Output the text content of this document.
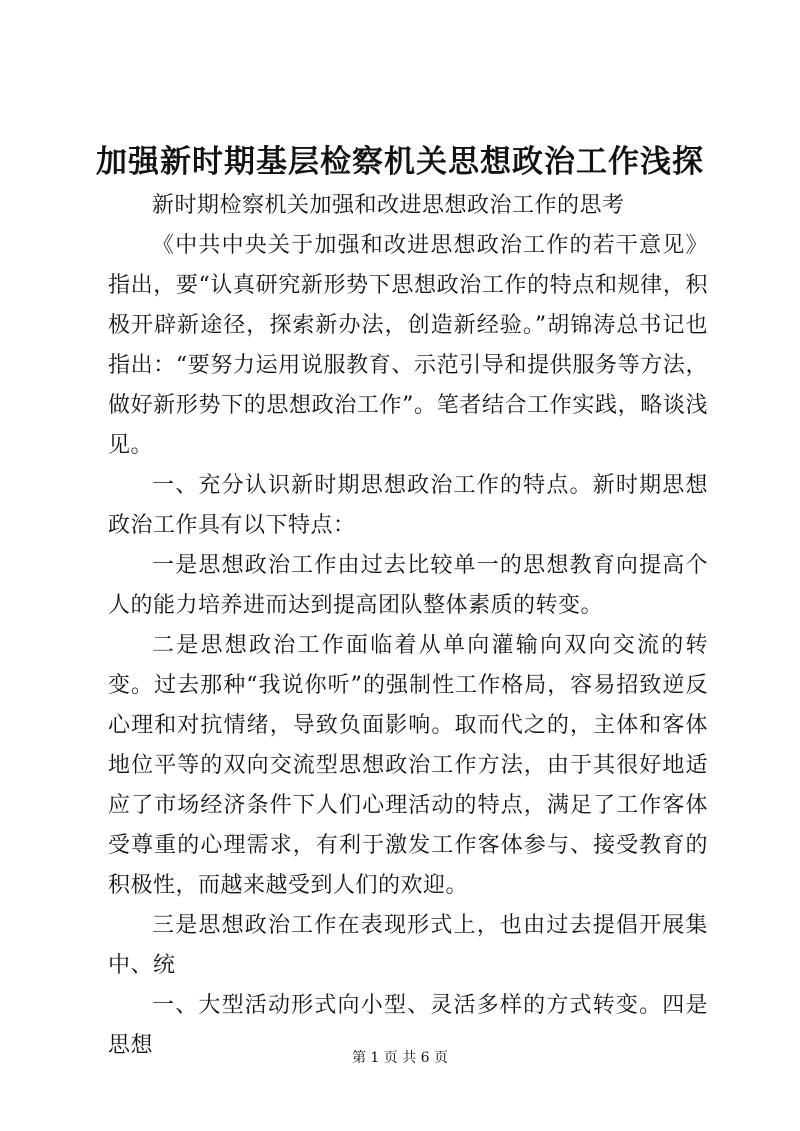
加强新时期基层检察机关思想政治工作浅探

新时期检察机关加强和改进思想政治工作的思考

《中共中央关于加强和改进思想政治工作的若干意见》指出，要“认真研究新形势下思想政治工作的特点和规律，积极开辟新途径，探索新办法，创造新经验。”胡锦涛总书记也指出：“要努力运用说服教育、示范引导和提供服务等方法，做好新形势下的思想政治工作”。笔者结合工作实践，略谈浅见。

一、充分认识新时期思想政治工作的特点。新时期思想政治工作具有以下特点：

一是思想政治工作由过去比较单一的思想教育向提高个人的能力培养进而达到提高团队整体素质的转变。

二是思想政治工作面临着从单向灌输向双向交流的转变。过去那种“我说你听”的强制性工作格局，容易招致逆反心理和对抗情绪，导致负面影响。取而代之的，主体和客体地位平等的双向交流型思想政治工作方法，由于其很好地适应了市场经济条件下人们心理活动的特点，满足了工作客体受尊重的心理需求，有利于激发工作客体参与、接受教育的积极性，而越来越受到人们的欢迎。

三是思想政治工作在表现形式上，也由过去提倡开展集中、统

一、大型活动形式向小型、灵活多样的方式转变。四是思想	第 1 页 共 6 页
